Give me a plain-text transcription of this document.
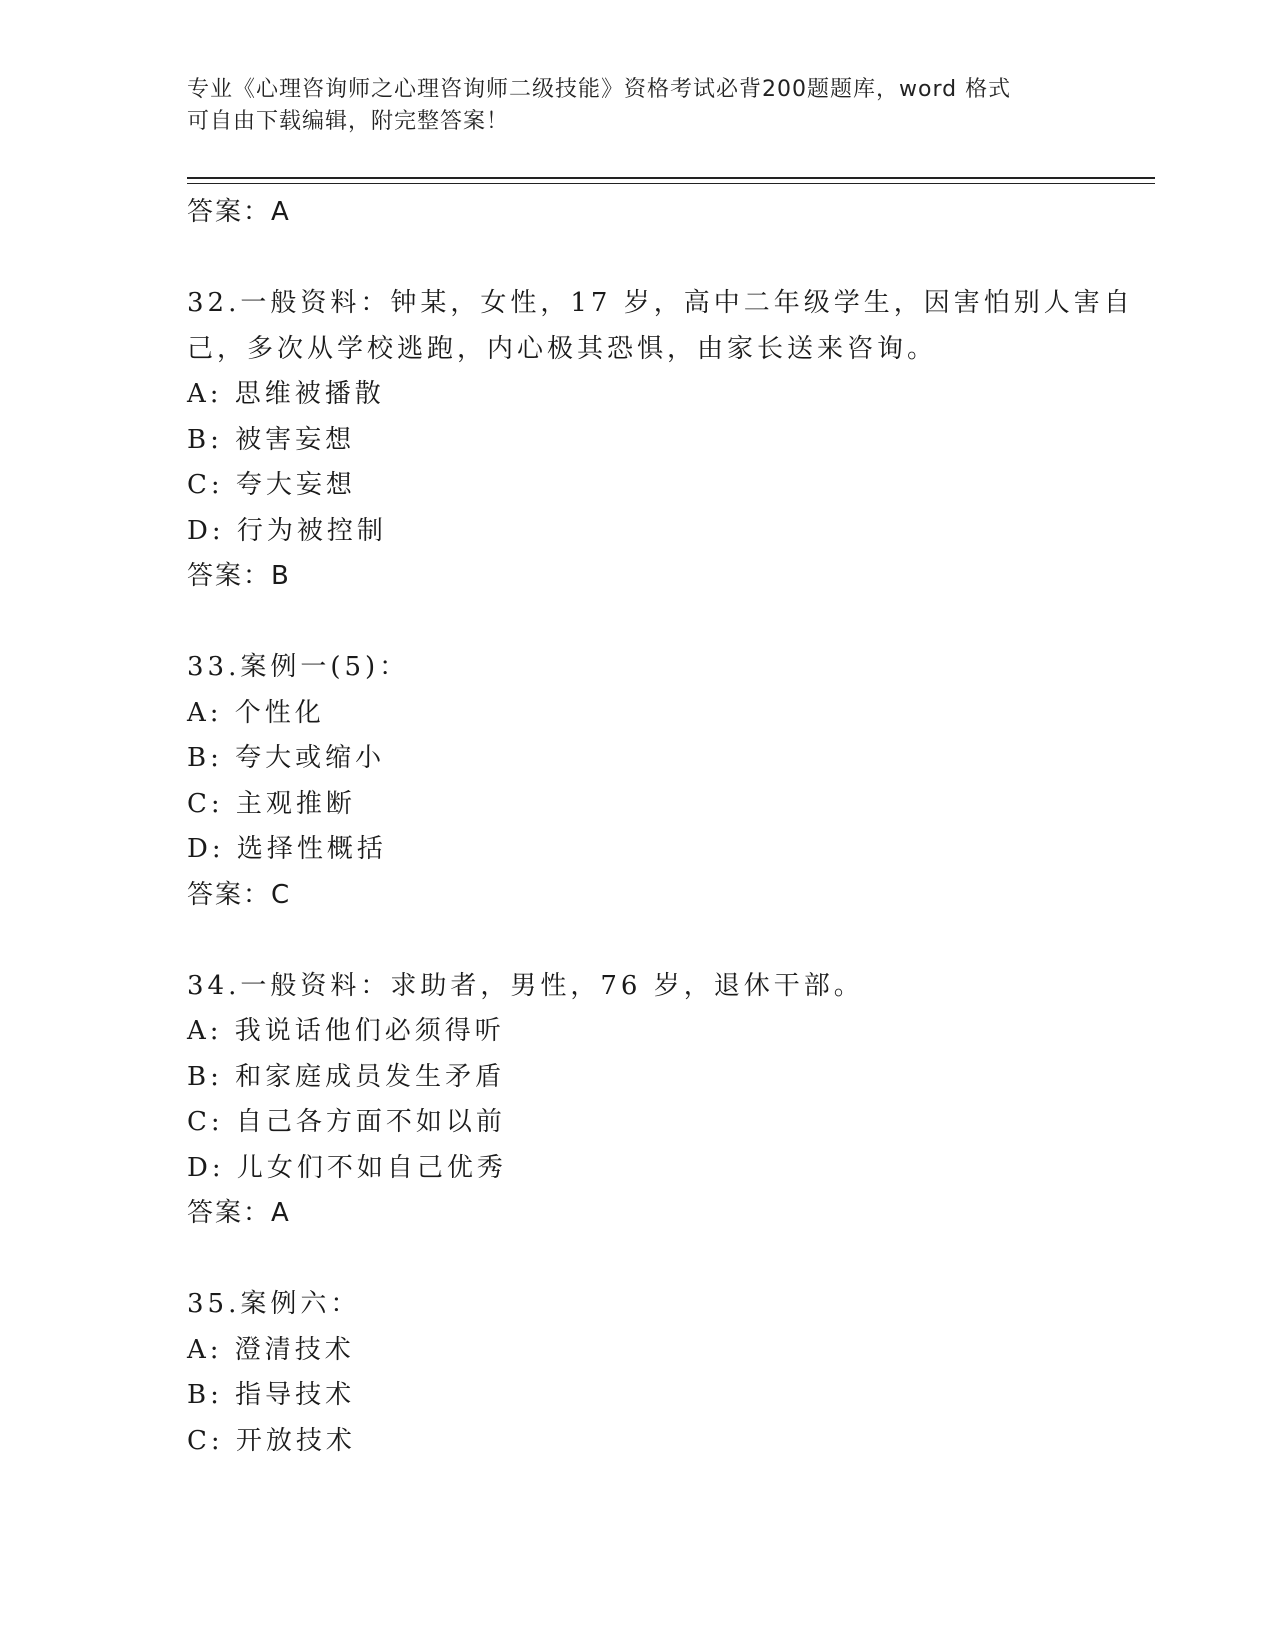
专业《心理咨询师之心理咨询师二级技能》资格考试必背200题题库，word 格式
可自由下载编辑，附完整答案！
答案：A
32.一般资料：钟某，女性，17 岁，高中二年级学生，因害怕别人害自
己，多次从学校逃跑，内心极其恐惧，由家长送来咨询。
A: 思维被播散
B: 被害妄想
C: 夸大妄想
D: 行为被控制
答案：B
33.案例一(5)：
A: 个性化
B: 夸大或缩小
C: 主观推断
D: 选择性概括
答案：C
34.一般资料：求助者，男性，76 岁，退休干部。
A: 我说话他们必须得听
B: 和家庭成员发生矛盾
C: 自己各方面不如以前
D: 儿女们不如自己优秀
答案：A
35.案例六：
A: 澄清技术
B: 指导技术
C: 开放技术
